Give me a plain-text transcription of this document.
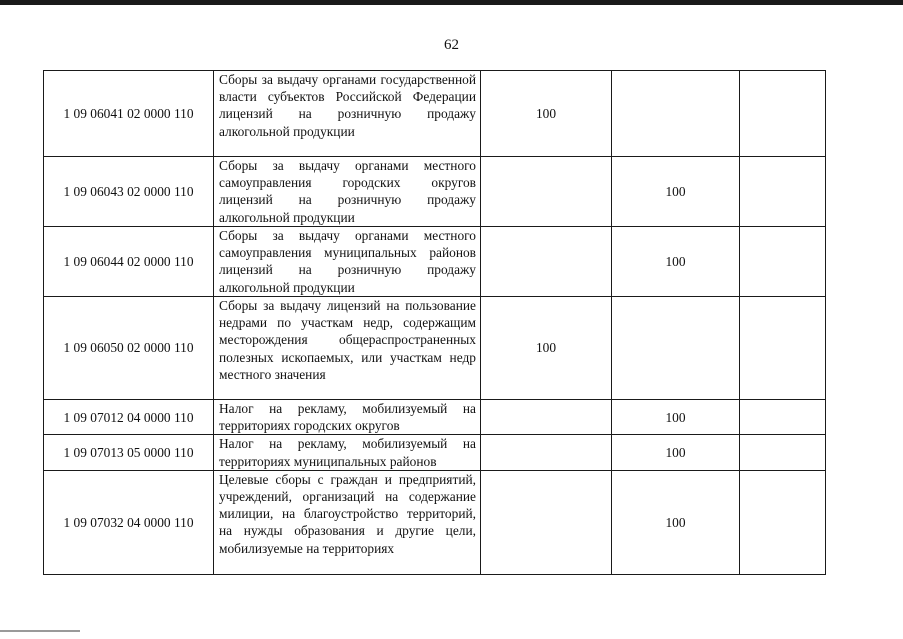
62
1 09 06041 02 0000 110	Сборы за выдачу органами государственной власти субъектов Российской Федерации лицензий на розничную продажу алкогольной продукции	100		
1 09 06043 02 0000 110	Сборы за выдачу органами местного самоуправления городских округов лицензий на розничную продажу алкогольной продукции		100	
1 09 06044 02 0000 110	Сборы за выдачу органами местного самоуправления муниципальных районов лицензий на розничную продажу алкогольной продукции		100	
1 09 06050 02 0000 110	Сборы за выдачу лицензий на пользование недрами по участкам недр, содержащим месторождения общераспространенных полезных ископаемых, или участкам недр местного значения	100		
1 09 07012 04 0000 110	Налог на рекламу, мобилизуемый на территориях городских округов		100	
1 09 07013 05 0000 110	Налог на рекламу, мобилизуемый на территориях муниципальных районов		100	
1 09 07032 04 0000 110	Целевые сборы с граждан и предприятий, учреждений, организаций на содержание милиции, на благоустройство территорий, на нужды образования и другие цели, мобилизуемые на территориях		100	
